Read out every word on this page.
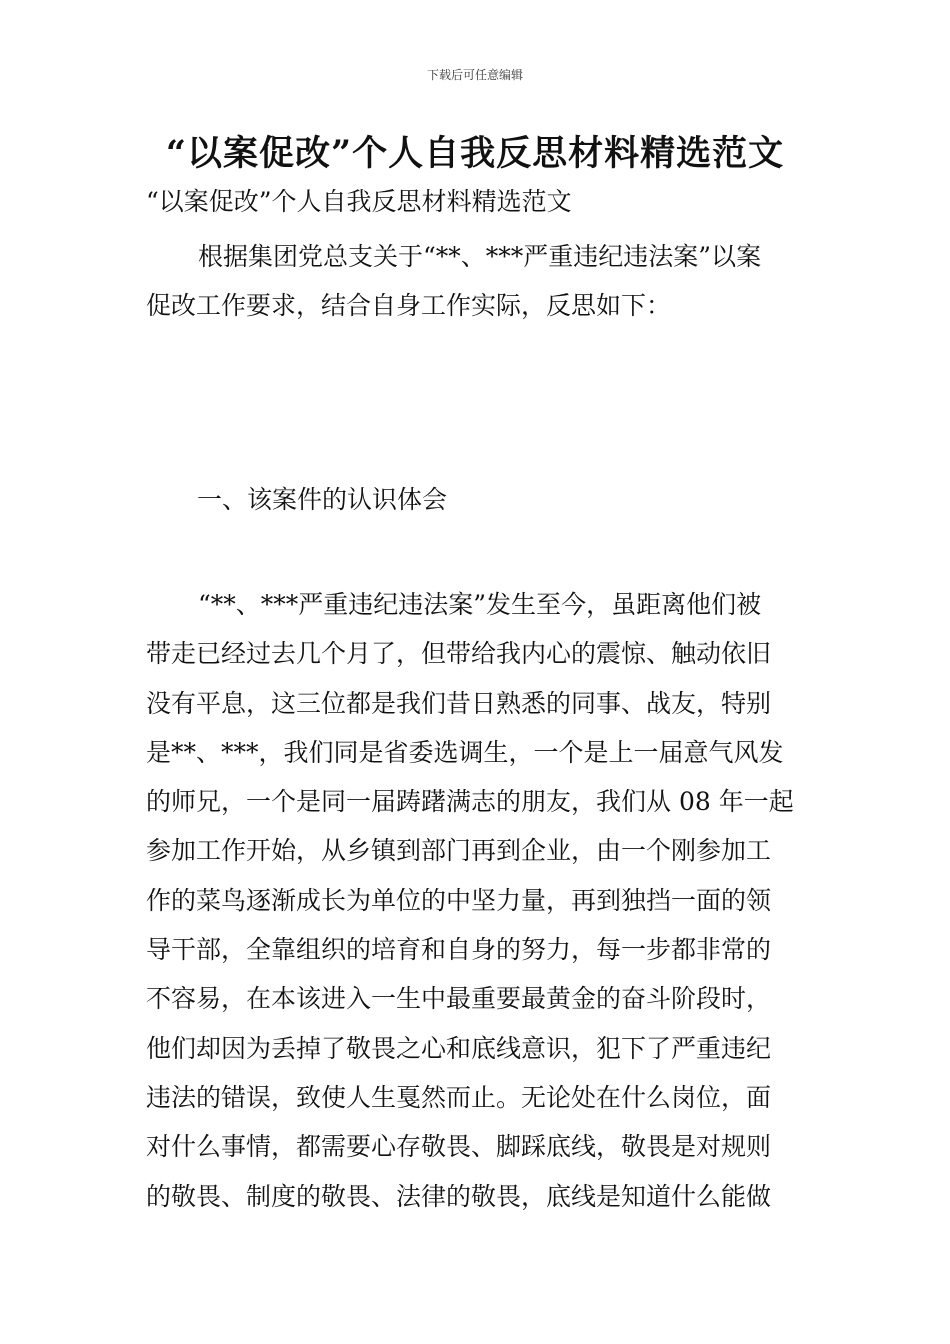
下载后可任意编辑
“以案促改”个人自我反思材料精选范文

“以案促改”个人自我反思材料精选范文

根据集团党总支关于“**、***严重违纪违法案”以案
促改工作要求，结合自身工作实际，反思如下：

一、该案件的认识体会

“**、***严重违纪违法案”发生至今，虽距离他们被
带走已经过去几个月了，但带给我内心的震惊、触动依旧
没有平息，这三位都是我们昔日熟悉的同事、战友，特别
是**、***，我们同是省委选调生，一个是上一届意气风发
的师兄，一个是同一届踌躇满志的朋友，我们从 08 年一起
参加工作开始，从乡镇到部门再到企业，由一个刚参加工
作的菜鸟逐渐成长为单位的中坚力量，再到独挡一面的领
导干部，全靠组织的培育和自身的努力，每一步都非常的
不容易，在本该进入一生中最重要最黄金的奋斗阶段时，
他们却因为丢掉了敬畏之心和底线意识，犯下了严重违纪
违法的错误，致使人生戛然而止。无论处在什么岗位，面
对什么事情，都需要心存敬畏、脚踩底线，敬畏是对规则
的敬畏、制度的敬畏、法律的敬畏，底线是知道什么能做
